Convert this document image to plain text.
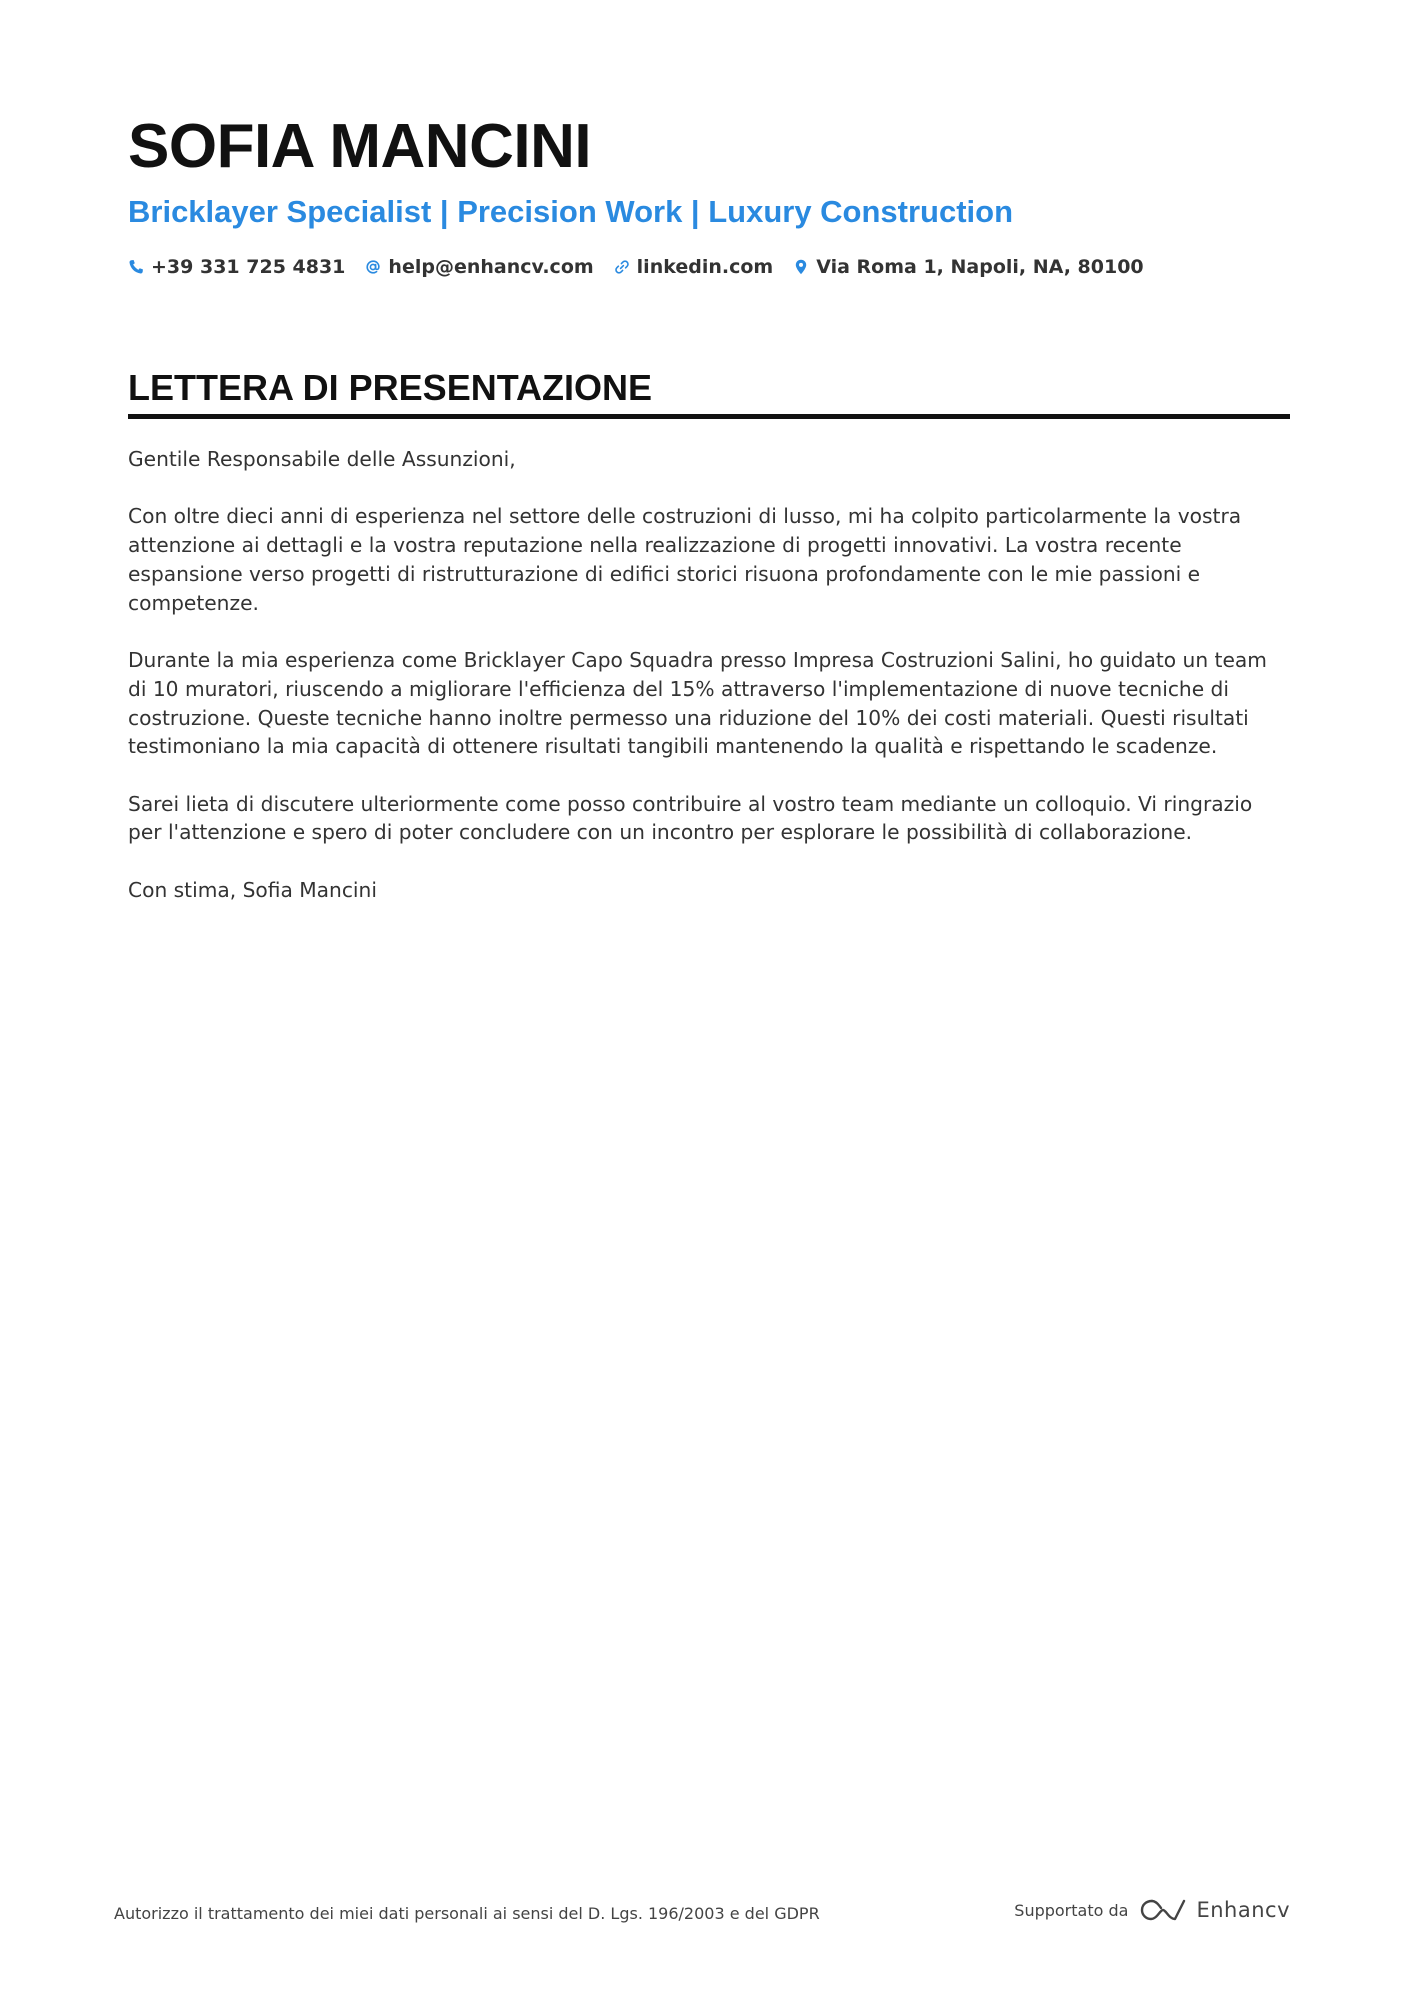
SOFIA MANCINI
Bricklayer Specialist | Precision Work | Luxury Construction
+39 331 725 4831 help@enhancv.com linkedin.com Via Roma 1, Napoli, NA, 80100
LETTERA DI PRESENTAZIONE

Gentile Responsabile delle Assunzioni,

Con oltre dieci anni di esperienza nel settore delle costruzioni di lusso, mi ha colpito particolarmente la vostra attenzione ai dettagli e la vostra reputazione nella realizzazione di progetti innovativi. La vostra recente espansione verso progetti di ristrutturazione di edifici storici risuona profondamente con le mie passioni e competenze.

Durante la mia esperienza come Bricklayer Capo Squadra presso Impresa Costruzioni Salini, ho guidato un team di 10 muratori, riuscendo a migliorare l'efficienza del 15% attraverso l'implementazione di nuove tecniche di costruzione. Queste tecniche hanno inoltre permesso una riduzione del 10% dei costi materiali. Questi risultati testimoniano la mia capacità di ottenere risultati tangibili mantenendo la qualità e rispettando le scadenze.

Sarei lieta di discutere ulteriormente come posso contribuire al vostro team mediante un colloquio. Vi ringrazio per l'attenzione e spero di poter concludere con un incontro per esplorare le possibilità di collaborazione.

Con stima, Sofia Mancini

Autorizzo il trattamento dei miei dati personali ai sensi del D. Lgs. 196/2003 e del GDPR	Supportato da	Enhancv
